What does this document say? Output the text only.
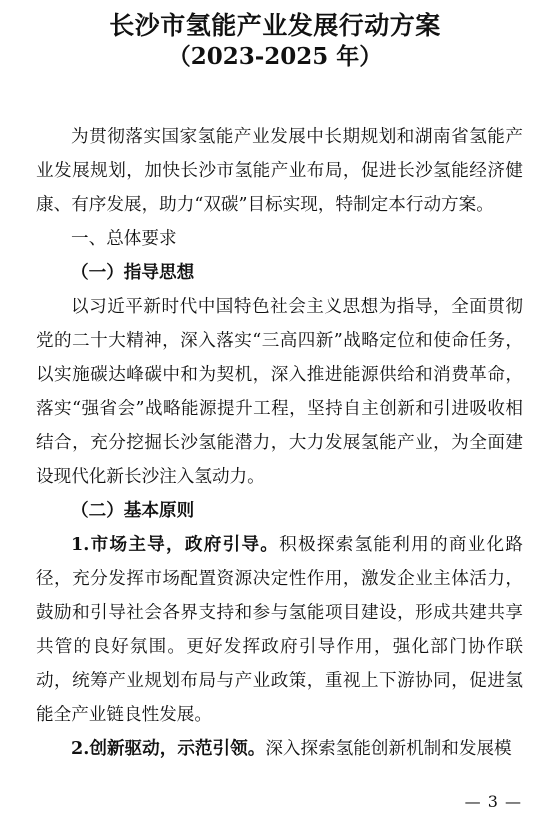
长沙市氢能产业发展行动方案
（2023-2025 年）

为贯彻落实国家氢能产业发展中长期规划和湖南省氢能产业发展规划，加快长沙市氢能产业布局，促进长沙氢能经济健康、有序发展，助力“双碳”目标实现，特制定本行动方案。

一、总体要求

（一）指导思想

以习近平新时代中国特色社会主义思想为指导，全面贯彻党的二十大精神，深入落实“三高四新”战略定位和使命任务，以实施碳达峰碳中和为契机，深入推进能源供给和消费革命，落实“强省会”战略能源提升工程，坚持自主创新和引进吸收相结合，充分挖掘长沙氢能潜力，大力发展氢能产业，为全面建设现代化新长沙注入氢动力。

（二）基本原则

1.市场主导，政府引导。积极探索氢能利用的商业化路径，充分发挥市场配置资源决定性作用，激发企业主体活力，鼓励和引导社会各界支持和参与氢能项目建设，形成共建共享共管的良好氛围。更好发挥政府引导作用，强化部门协作联动，统筹产业规划布局与产业政策，重视上下游协同，促进氢能全产业链良性发展。

2.创新驱动，示范引领。深入探索氢能创新机制和发展模

— 3 —
